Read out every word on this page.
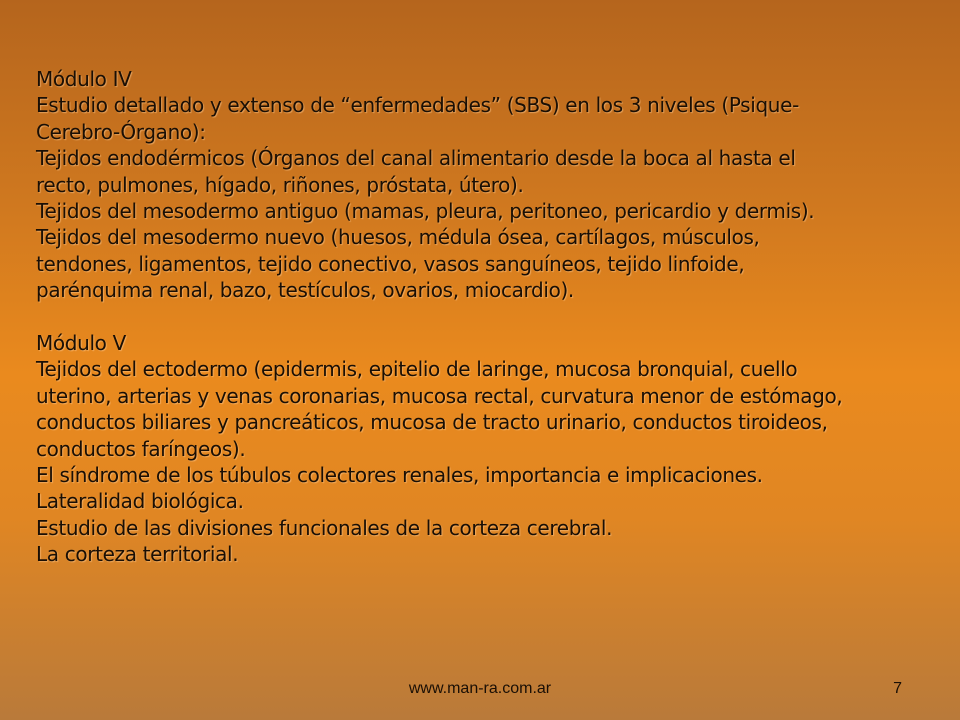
Módulo IV
Estudio detallado y extenso de “enfermedades” (SBS) en los 3 niveles (Psique-
Cerebro-Órgano):
Tejidos endodérmicos (Órganos del canal alimentario desde la boca al hasta el
recto, pulmones, hígado, riñones, próstata, útero).
Tejidos del mesodermo antiguo (mamas, pleura, peritoneo, pericardio y dermis).
Tejidos del mesodermo nuevo (huesos, médula ósea, cartílagos, músculos,
tendones, ligamentos, tejido conectivo, vasos sanguíneos, tejido linfoide,
parénquima renal, bazo, testículos, ovarios, miocardio).
Módulo V
Tejidos del ectodermo (epidermis, epitelio de laringe, mucosa bronquial, cuello
uterino, arterias y venas coronarias, mucosa rectal, curvatura menor de estómago,
conductos biliares y pancreáticos, mucosa de tracto urinario, conductos tiroideos,
conductos faríngeos).
El síndrome de los túbulos colectores renales, importancia e implicaciones.
Lateralidad biológica.
Estudio de las divisiones funcionales de la corteza cerebral.
La corteza territorial.
www.man-ra.com.ar	7
